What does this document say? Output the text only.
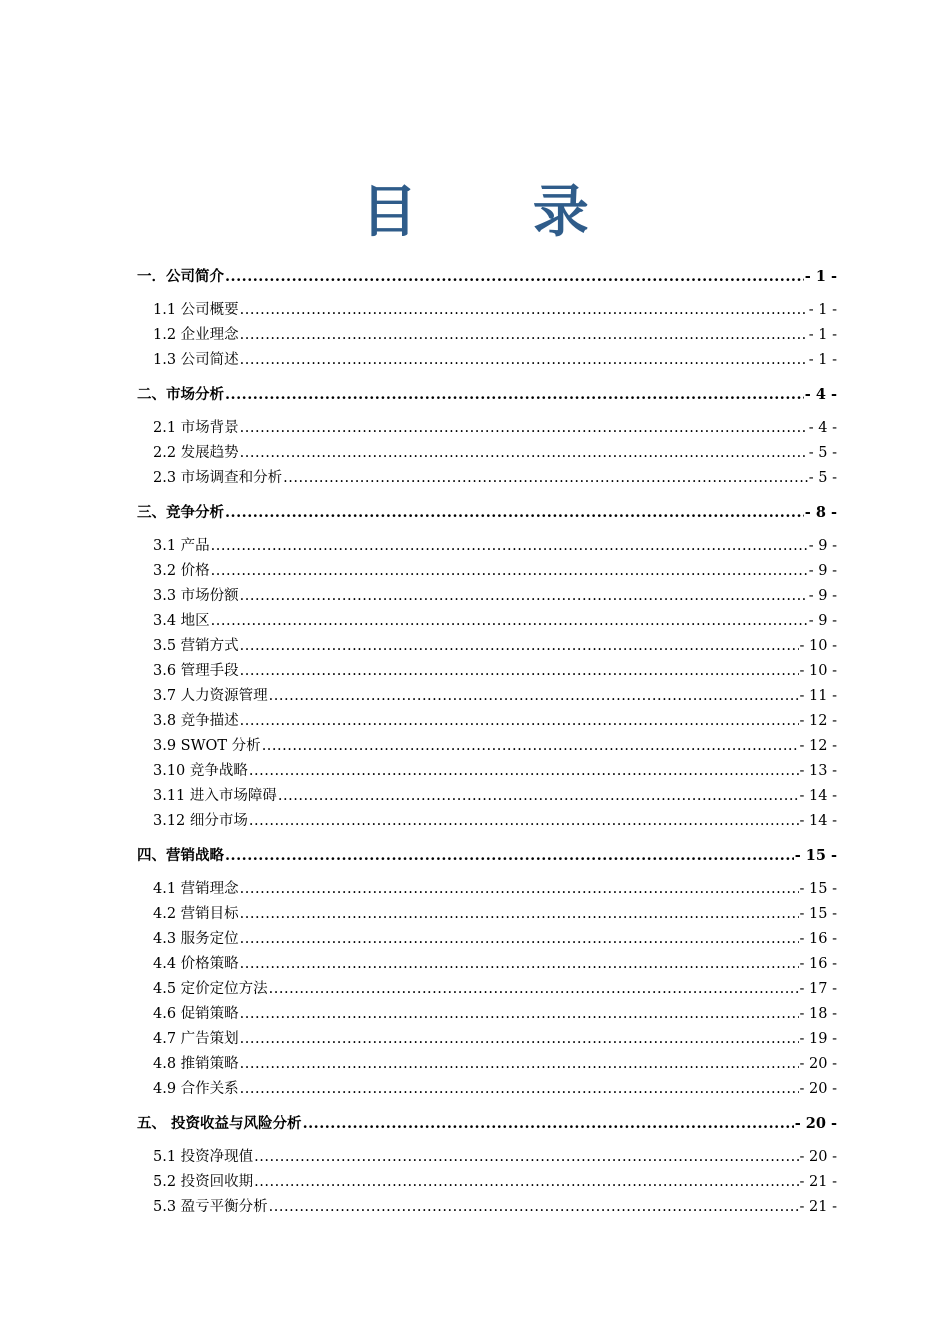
目 录
一．公司简介 .....	- 1 -
1.1 公司概要 .....	- 1 -
1.2 企业理念 .....	- 1 -
1.3 公司简述 .....	- 1 -
二、市场分析 .....	- 4 -
2.1 市场背景 .....	- 4 -
2.2 发展趋势 .....	- 5 -
2.3 市场调查和分析 .....	- 5 -
三、竞争分析 .....	- 8 -
3.1 产品 .....	- 9 -
3.2 价格 .....	- 9 -
3.3 市场份额 .....	- 9 -
3.4 地区 .....	- 9 -
3.5 营销方式 .....	- 10 -
3.6 管理手段 .....	- 10 -
3.7 人力资源管理 .....	- 11 -
3.8 竞争描述 .....	- 12 -
3.9 SWOT 分析 .....	- 12 -
3.10 竞争战略 .....	- 13 -
3.11 进入市场障碍 .....	- 14 -
3.12 细分市场 .....	- 14 -
四、营销战略 .....	- 15 -
4.1 营销理念 .....	- 15 -
4.2 营销目标 .....	- 15 -
4.3 服务定位 .....	- 16 -
4.4 价格策略 .....	- 16 -
4.5 定价定位方法 .....	- 17 -
4.6 促销策略 .....	- 18 -
4.7 广告策划 .....	- 19 -
4.8 推销策略 .....	- 20 -
4.9 合作关系 .....	- 20 -
五、 投资收益与风险分析 .....	- 20 -
5.1 投资净现值 .....	- 20 -
5.2 投资回收期 .....	- 21 -
5.3 盈亏平衡分析 .....	- 21 -
